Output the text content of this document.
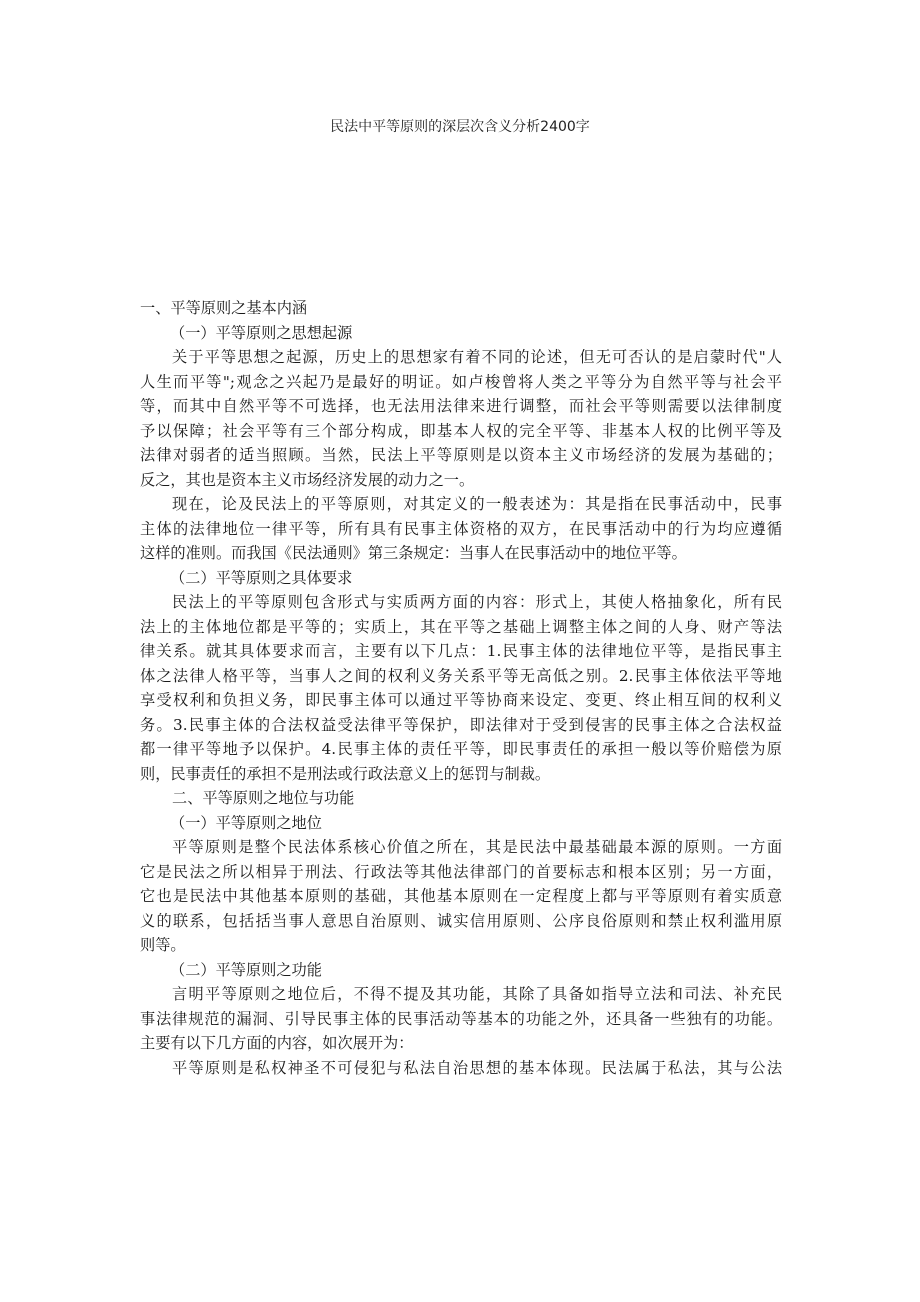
民法中平等原则的深层次含义分析2400字

一、平等原则之基本内涵

（一）平等原则之思想起源

关于平等思想之起源，历史上的思想家有着不同的论述，但无可否认的是启蒙时代"人

人生而平等";观念之兴起乃是最好的明证。如卢梭曾将人类之平等分为自然平等与社会平

等，而其中自然平等不可选择，也无法用法律来进行调整，而社会平等则需要以法律制度

予以保障；社会平等有三个部分构成，即基本人权的完全平等、非基本人权的比例平等及

法律对弱者的适当照顾。当然，民法上平等原则是以资本主义市场经济的发展为基础的；

反之，其也是资本主义市场经济发展的动力之一。

现在，论及民法上的平等原则，对其定义的一般表述为：其是指在民事活动中，民事

主体的法律地位一律平等，所有具有民事主体资格的双方，在民事活动中的行为均应遵循

这样的准则。而我国《民法通则》第三条规定：当事人在民事活动中的地位平等。

（二）平等原则之具体要求

民法上的平等原则包含形式与实质两方面的内容：形式上，其使人格抽象化，所有民

法上的主体地位都是平等的；实质上，其在平等之基础上调整主体之间的人身、财产等法

律关系。就其具体要求而言，主要有以下几点：1.民事主体的法律地位平等，是指民事主

体之法律人格平等，当事人之间的权利义务关系平等无高低之别。2.民事主体依法平等地

享受权利和负担义务，即民事主体可以通过平等协商来设定、变更、终止相互间的权利义

务。3.民事主体的合法权益受法律平等保护，即法律对于受到侵害的民事主体之合法权益

都一律平等地予以保护。4.民事主体的责任平等，即民事责任的承担一般以等价赔偿为原

则，民事责任的承担不是刑法或行政法意义上的惩罚与制裁。

二、平等原则之地位与功能

（一）平等原则之地位

平等原则是整个民法体系核心价值之所在，其是民法中最基础最本源的原则。一方面

它是民法之所以相异于刑法、行政法等其他法律部门的首要标志和根本区别；另一方面，

它也是民法中其他基本原则的基础，其他基本原则在一定程度上都与平等原则有着实质意

义的联系，包括括当事人意思自治原则、诚实信用原则、公序良俗原则和禁止权利滥用原

则等。

（二）平等原则之功能

言明平等原则之地位后，不得不提及其功能，其除了具备如指导立法和司法、补充民

事法律规范的漏洞、引导民事主体的民事活动等基本的功能之外，还具备一些独有的功能。

主要有以下几方面的内容，如次展开为：

平等原则是私权神圣不可侵犯与私法自治思想的基本体现。民法属于私法，其与公法
